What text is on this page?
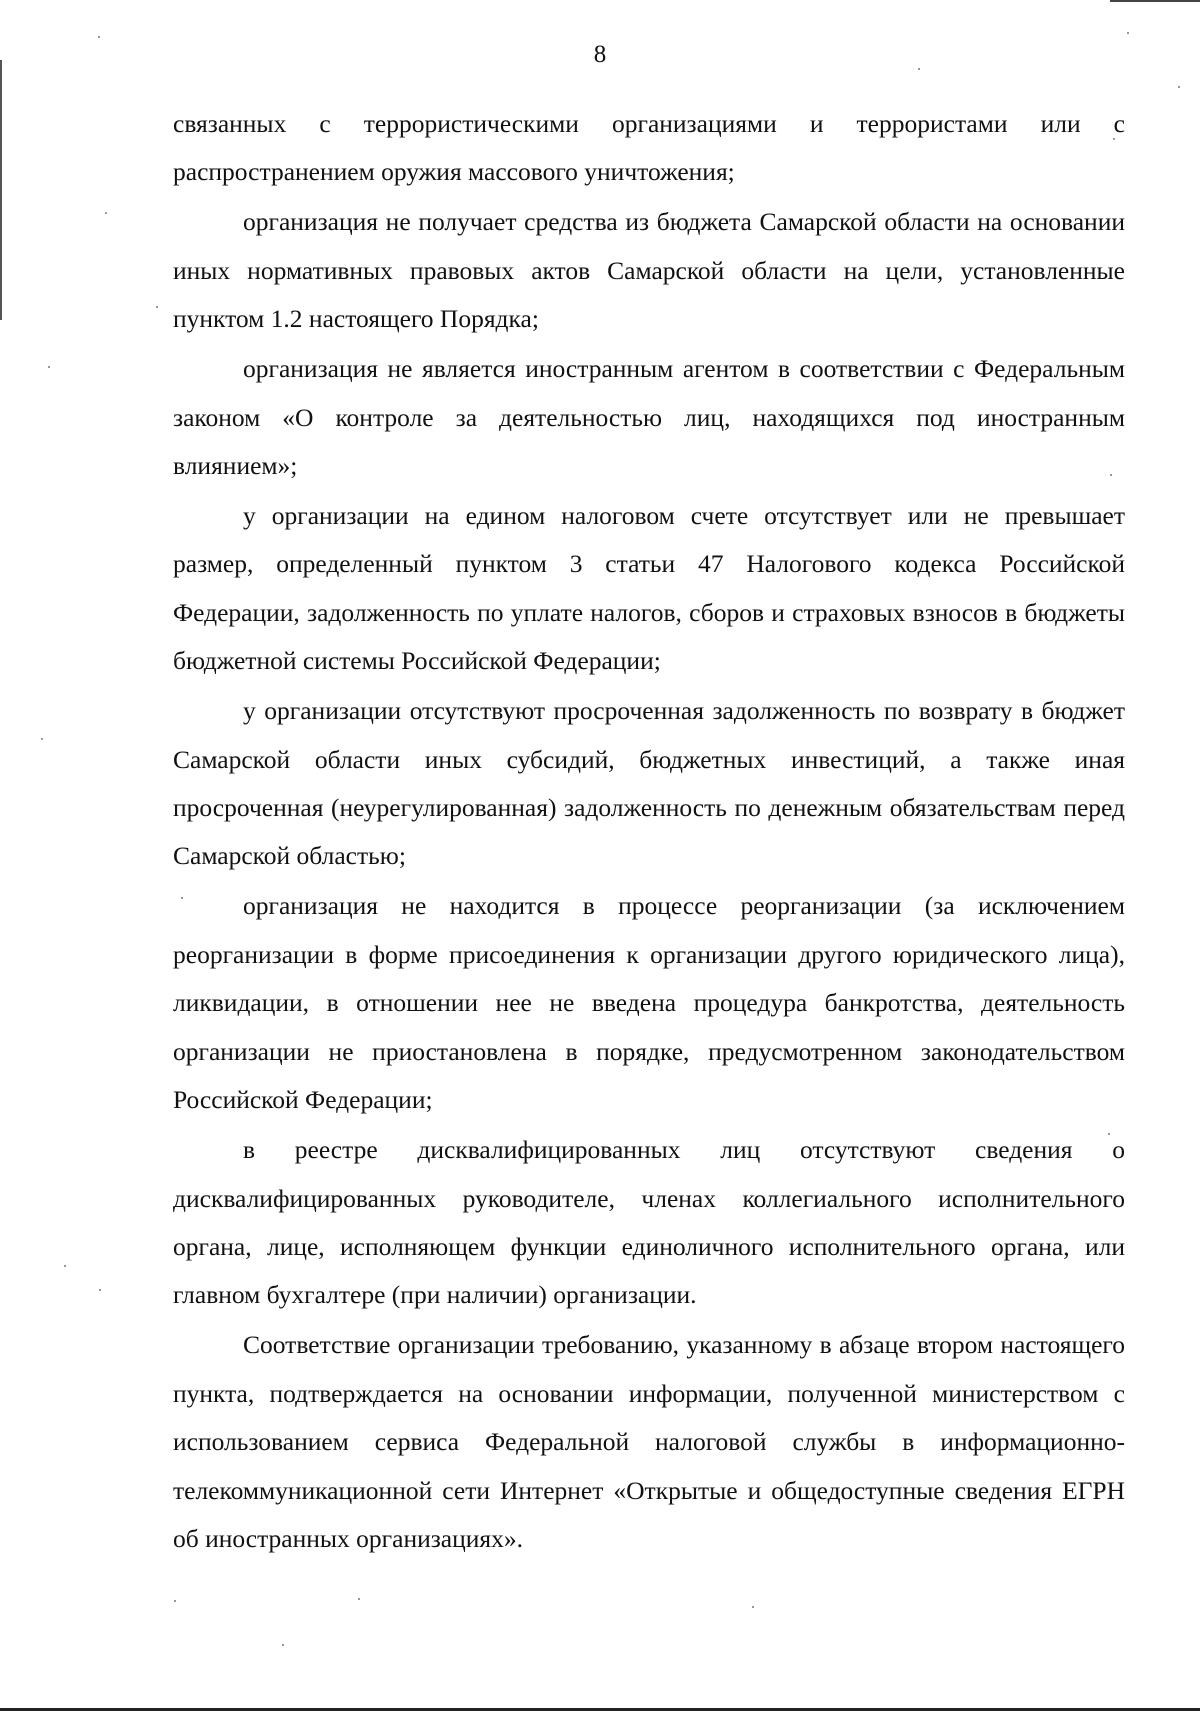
8

связанных с террористическими организациями и террористами или с распространением оружия массового уничтожения;

организация не получает средства из бюджета Самарской области на основании иных нормативных правовых актов Самарской области на цели, установленные пунктом 1.2 настоящего Порядка;

организация не является иностранным агентом в соответствии с Федеральным законом «О контроле за деятельностью лиц, находящихся под иностранным влиянием»;

у организации на едином налоговом счете отсутствует или не превышает размер, определенный пунктом 3 статьи 47 Налогового кодекса Российской Федерации, задолженность по уплате налогов, сборов и страховых взносов в бюджеты бюджетной системы Российской Федерации;

у организации отсутствуют просроченная задолженность по возврату в бюджет Самарской области иных субсидий, бюджетных инвестиций, а также иная просроченная (неурегулированная) задолженность по денежным обязательствам перед Самарской областью;

организация не находится в процессе реорганизации (за исключением реорганизации в форме присоединения к организации другого юридического лица), ликвидации, в отношении нее не введена процедура банкротства, деятельность организации не приостановлена в порядке, предусмотренном законодательством Российской Федерации;

в реестре дисквалифицированных лиц отсутствуют сведения о дисквалифицированных руководителе, членах коллегиального исполнительного органа, лице, исполняющем функции единоличного исполнительного органа, или главном бухгалтере (при наличии) организации.

Соответствие организации требованию, указанному в абзаце втором настоящего пункта, подтверждается на основании информации, полученной министерством с использованием сервиса Федеральной налоговой службы в информационно-телекоммуникационной сети Интернет «Открытые и общедоступные сведения ЕГРН об иностранных организациях».
